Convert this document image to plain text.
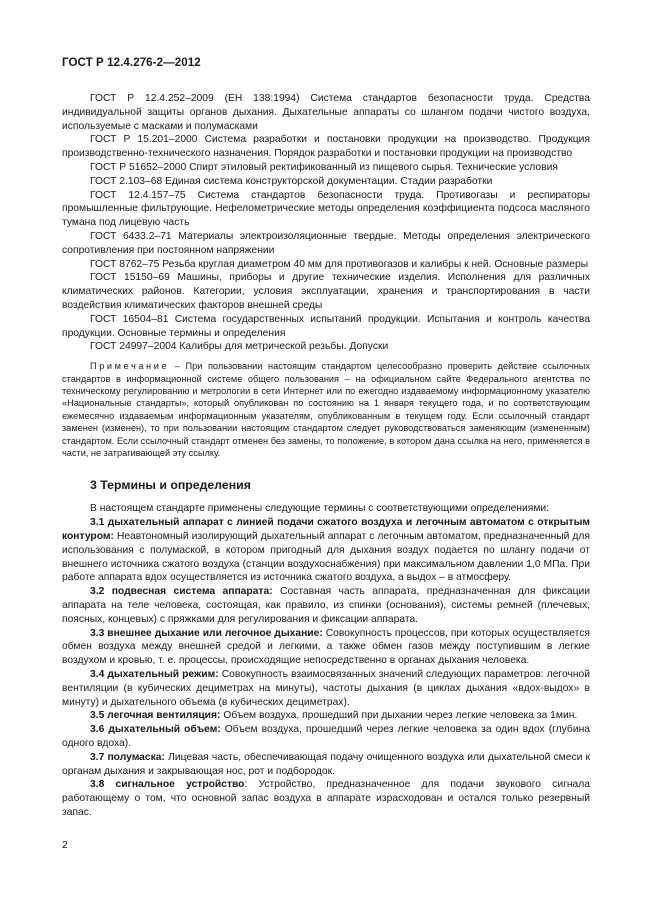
ГОСТ Р 12.4.276-2—2012

ГОСТ Р 12.4.252–2009 (ЕН 138:1994) Система стандартов безопасности труда. Средства индивидуальной защиты органов дыхания. Дыхательные аппараты со шлангом подачи чистого воздуха, используемые с масками и полумасками

ГОСТ Р 15.201–2000 Система разработки и постановки продукции на производство. Продукция производственно-технического назначения. Порядок разработки и постановки продукции на производство

ГОСТ Р 51652–2000 Спирт этиловый ректификованный из пищевого сырья. Технические условия

ГОСТ 2.103–68 Единая система конструкторской документации. Стадии разработки

ГОСТ 12.4.157–75 Система стандартов безопасности труда. Противогазы и респираторы промышленные фильтрующие. Нефелометрические методы определения коэффициента подсоса масляного тумана под лицевую часть

ГОСТ 6433.2–71 Материалы электроизоляционные твердые. Методы определения электрического сопротивления при постоянном напряжении

ГОСТ 8762–75 Резьба круглая диаметром 40 мм для противогазов и калибры к ней. Основные размеры

ГОСТ 15150–69 Машины, приборы и другие технические изделия. Исполнения для различных климатических районов. Категории, условия эксплуатации, хранения и транспортирования в части воздействия климатических факторов внешней среды

ГОСТ 16504–81 Система государственных испытаний продукции. Испытания и контроль качества продукции. Основные термины и определения

ГОСТ 24997–2004 Калибры для метрической резьбы. Допуски

Примечание – При пользовании настоящим стандартом целесообразно проверить действие ссылочных стандартов в информационной системе общего пользования – на официальном сайте Федерального агентства по техническому регулированию и метрологии в сети Интернет или по ежегодно издаваемому информационному указателю «Национальные стандарты», который опубликован по состоянию на 1 января текущего года, и по соответствующим ежемесячно издаваемым информационным указателям, опубликованным в текущем году. Если ссылочный стандарт заменен (изменен), то при пользовании настоящим стандартом следует руководствоваться заменяющим (измененным) стандартом. Если ссылочный стандарт отменен без замены, то положение, в котором дана ссылка на него, применяется в части, не затрагивающей эту ссылку.

3 Термины и определения

В настоящем стандарте применены следующие термины с соответствующими определениями:

3.1 дыхательный аппарат с линией подачи сжатого воздуха и легочным автоматом с открытым контуром: Неавтономный изолирующий дыхательный аппарат с легочным автоматом, предназначенный для использования с полумаской, в котором пригодный для дыхания воздух подается по шлангу подачи от внешнего источника сжатого воздуха (станции воздухоснабжения) при максимальном давлении 1,0 МПа. При работе аппарата вдох осуществляется из источника сжатого воздуха, а выдох – в атмосферу.

3.2 подвесная система аппарата: Составная часть аппарата, предназначенная для фиксации аппарата на теле человека, состоящая, как правило, из спинки (основания), системы ремней (плечевых, поясных, концевых) с пряжками для регулирования и фиксации аппарата.

3.3 внешнее дыхание или легочное дыхание: Совокупность процессов, при которых осуществляется обмен воздуха между внешней средой и легкими, а также обмен газов между поступившим в легкие воздухом и кровью, т. е. процессы, происходящие непосредственно в органах дыхания человека.

3.4 дыхательный режим: Совокупность взаимосвязанных значений следующих параметров: легочной вентиляции (в кубических дециметрах на минуты), частоты дыхания (в циклах дыхания «вдох-выдох» в минуту) и дыхательного объема (в кубических дециметрах).

3.5 легочная вентиляция: Объем воздуха, прошедший при дыхании через легкие человека за 1мин.

3.6 дыхательный объем: Объем воздуха, прошедший через легкие человека за один вдох (глубина одного вдоха).

3.7 полумаска: Лицевая часть, обеспечивающая подачу очищенного воздуха или дыхательной смеси к органам дыхания и закрывающая нос, рот и подбородок.

3.8 сигнальное устройство: Устройство, предназначенное для подачи звукового сигнала работающему о том, что основной запас воздуха в аппарате израсходован и остался только резервный запас.

2
